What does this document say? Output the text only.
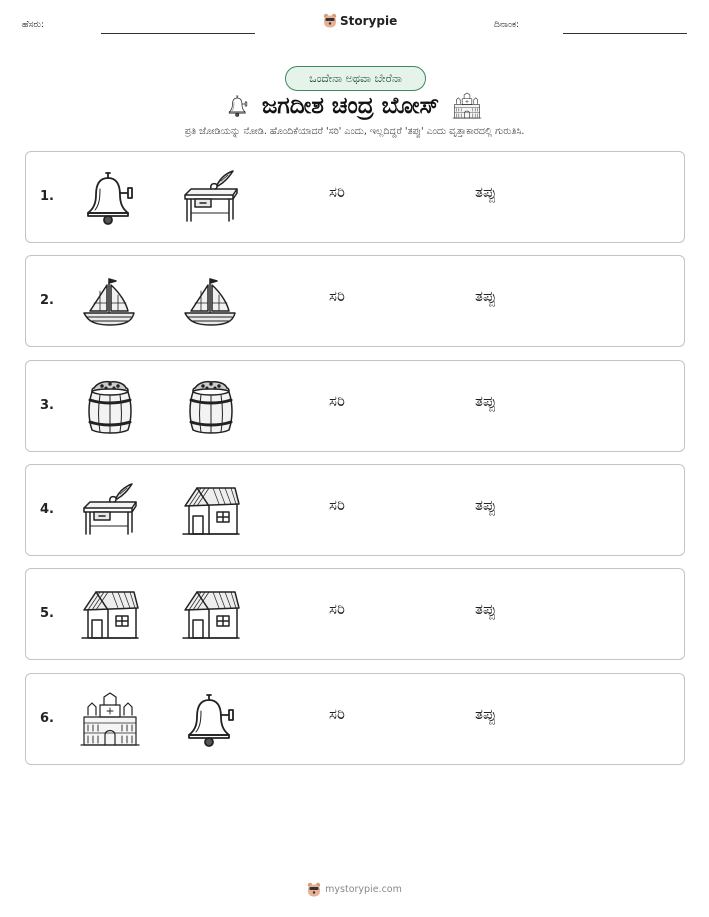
ಹೆಸರು:	Storypie	ದಿನಾಂಕ:
ಒಂದೇನಾ ಅಥವಾ ಬೇರೆನಾ
ಜಗದೀಶ ಚಂದ್ರ ಬೋಸ್
ಪ್ರತಿ ಜೋಡಿಯನ್ನು ನೋಡಿ. ಹೊಂದಿಕೆಯಾದರೆ 'ಸರಿ' ಎಂದು, ಇಲ್ಲದಿದ್ದರೆ 'ತಪ್ಪು' ಎಂದು ವೃತ್ತಾಕಾರದಲ್ಲಿ ಗುರುತಿಸಿ.
1.	ಸರಿ	ತಪ್ಪು
2.	ಸರಿ	ತಪ್ಪು
3.	ಸರಿ	ತಪ್ಪು
4.	ಸರಿ	ತಪ್ಪು
5.	ಸರಿ	ತಪ್ಪು
6.	ಸರಿ	ತಪ್ಪು
mystorypie.com
